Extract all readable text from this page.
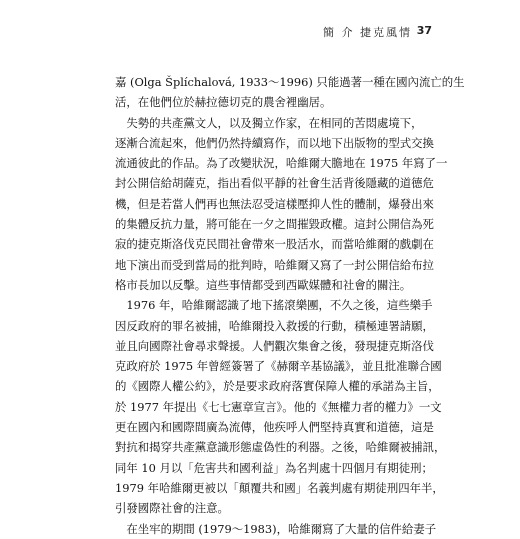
簡 介 捷克風情 37
嘉 (Olga Šplíchalová, 1933～1996) 只能過著一種在國內流亡的生
活，在他們位於赫拉德切克的農舍裡幽居。
　失勢的共產黨文人，以及獨立作家，在相同的苦悶處境下，
逐漸合流起來，他們仍然持續寫作，而以地下出版物的型式交換
流通彼此的作品。為了改變狀況，哈維爾大膽地在 1975 年寫了一
封公開信給胡薩克，指出看似平靜的社會生活背後隱藏的道德危
機，但是若當人們再也無法忍受這樣壓抑人性的體制，爆發出來
的集體反抗力量，將可能在一夕之間摧毀政權。這封公開信為死
寂的捷克斯洛伐克民間社會帶來一股活水，而當哈維爾的戲劇在
地下演出而受到當局的批判時，哈維爾又寫了一封公開信給布拉
格市長加以反擊。這些事情都受到西歐媒體和社會的關注。
　1976 年，哈維爾認識了地下搖滾樂團，不久之後，這些樂手
因反政府的罪名被捕，哈維爾投入救援的行動，積極連署請願，
並且向國際社會尋求聲援。人們觀次集會之後，發現捷克斯洛伐
克政府於 1975 年曾經簽署了《赫爾辛基協議》，並且批准聯合國
的《國際人權公約》，於是要求政府落實保障人權的承諾為主旨，
於 1977 年提出《七七憲章宣言》。他的《無權力者的權力》一文
更在國內和國際間廣為流傳，他疾呼人們堅持真實和道德，這是
對抗和揭穿共產黨意識形態虛偽性的利器。之後，哈維爾被捕訊，
同年 10 月以「危害共和國利益」為名判處十四個月有期徒刑；
1979 年哈維爾更被以「顛覆共和國」名義判處有期徒刑四年半，
引發國際社會的注意。
　在坐牢的期間 (1979～1983)，哈維爾寫了大量的信件給妻子
